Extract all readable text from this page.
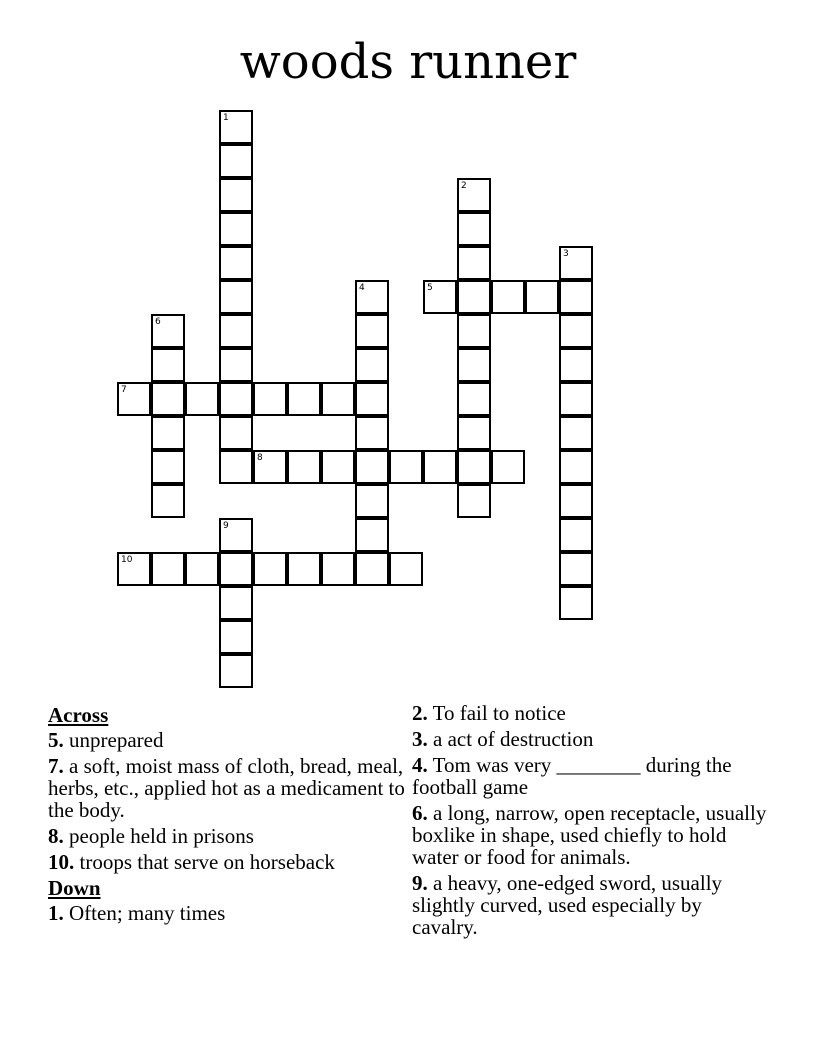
woods runner
1
2
3
4	5
6
7
8
9
10
Across
5. unprepared
7. a soft, moist mass of cloth, bread, meal, herbs, etc., applied hot as a medicament to the body.
8. people held in prisons
10. troops that serve on horseback
Down
1. Often; many times
2. To fail to notice
3. a act of destruction
4. Tom was very ________ during the football game
6. a long, narrow, open receptacle, usually boxlike in shape, used chiefly to hold water or food for animals.
9. a heavy, one-edged sword, usually slightly curved, used especially by cavalry.
